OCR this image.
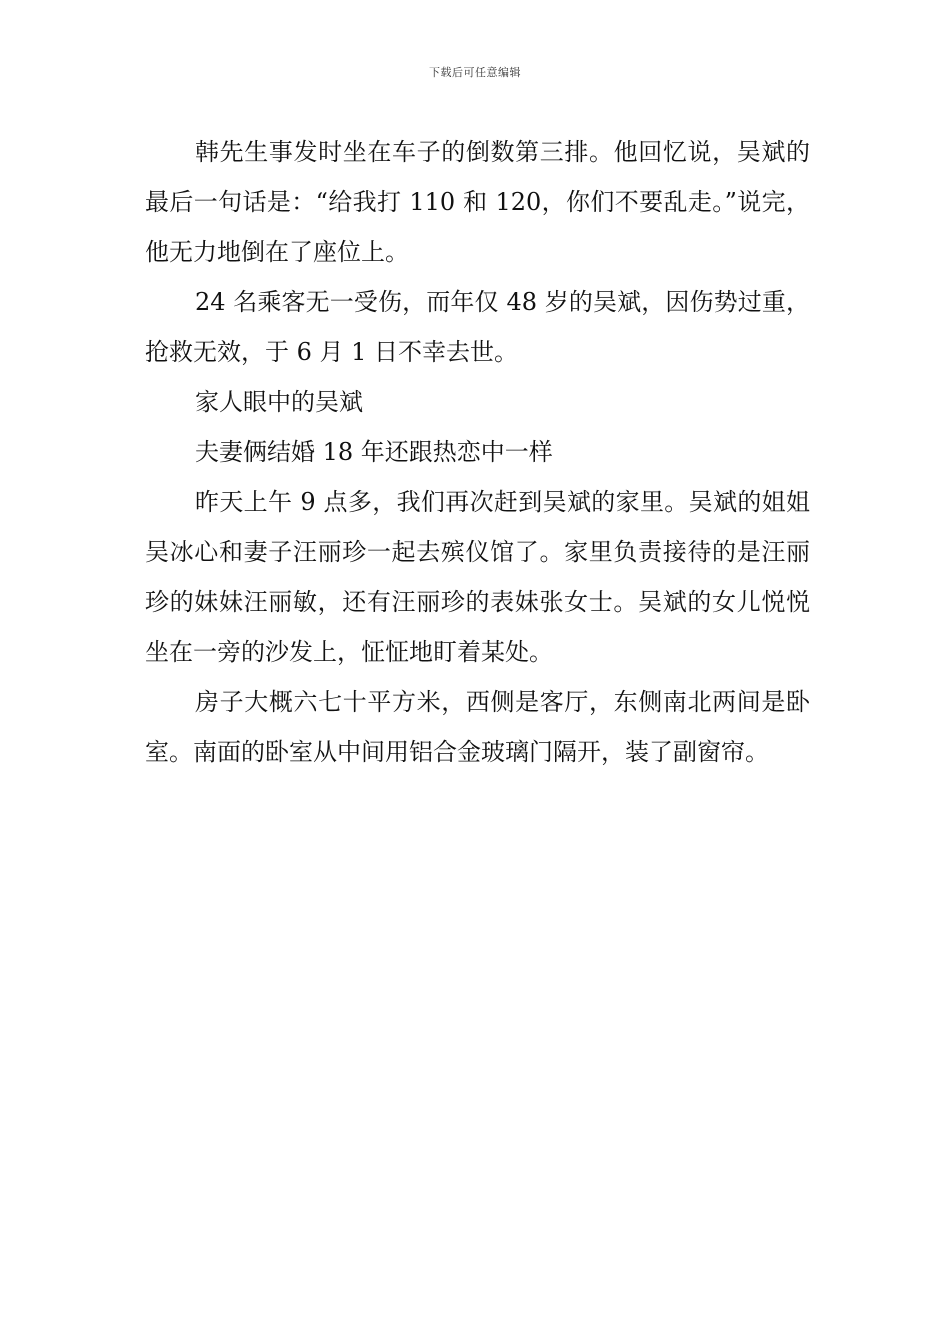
下载后可任意编辑

韩先生事发时坐在车子的倒数第三排。他回忆说，吴斌的最后一句话是：“给我打 110 和 120，你们不要乱走。”说完，他无力地倒在了座位上。

24 名乘客无一受伤，而年仅 48 岁的吴斌，因伤势过重，抢救无效，于 6 月 1 日不幸去世。

家人眼中的吴斌

夫妻俩结婚 18 年还跟热恋中一样

昨天上午 9 点多，我们再次赶到吴斌的家里。吴斌的姐姐吴冰心和妻子汪丽珍一起去殡仪馆了。家里负责接待的是汪丽珍的妹妹汪丽敏，还有汪丽珍的表妹张女士。吴斌的女儿悦悦坐在一旁的沙发上，怔怔地盯着某处。

房子大概六七十平方米，西侧是客厅，东侧南北两间是卧室。南面的卧室从中间用铝合金玻璃门隔开，装了副窗帘。
